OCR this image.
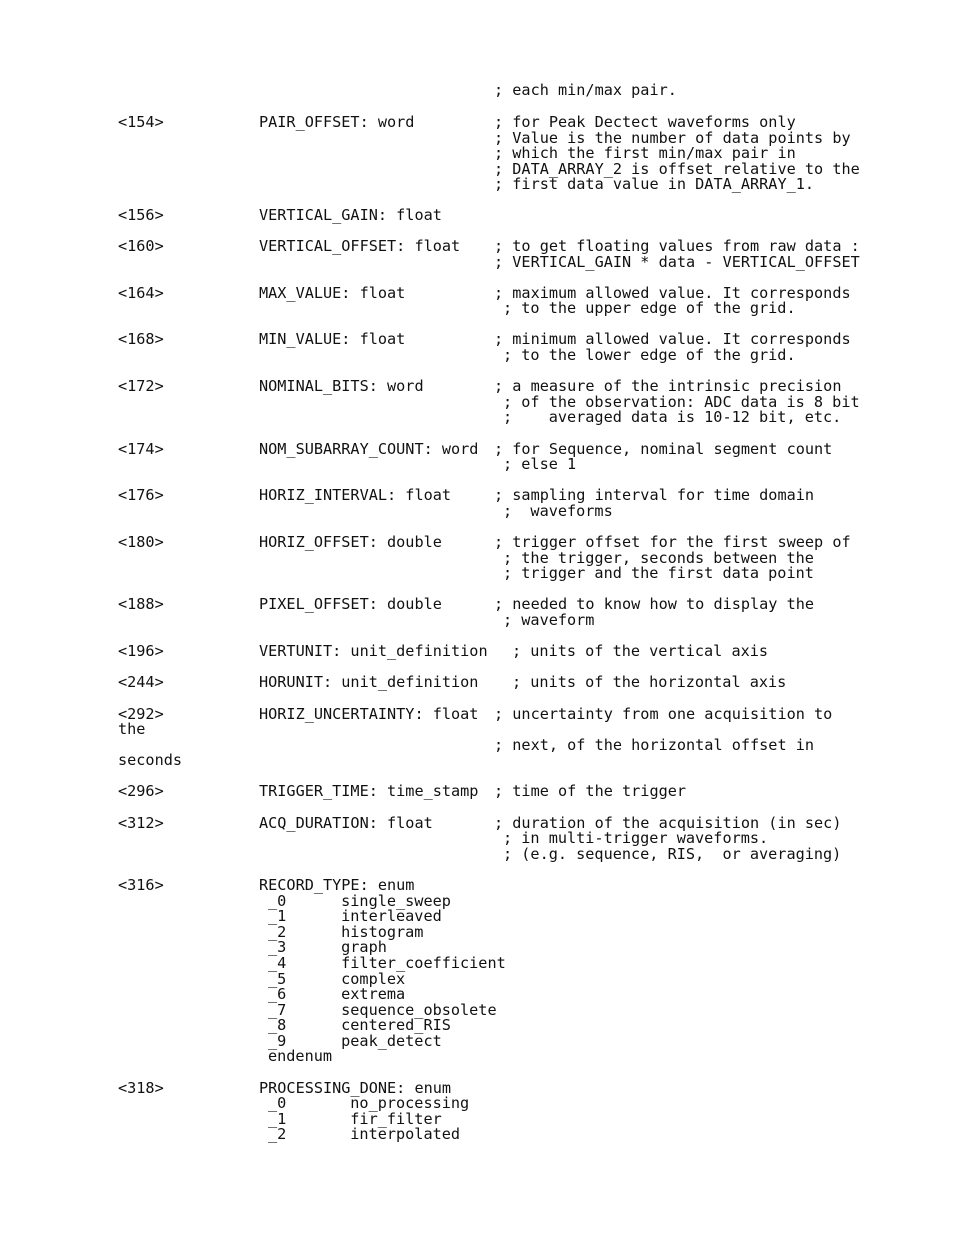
; each min/max pair.
<154>	PAIR_OFFSET: word	; for Peak Dectect waveforms only
; Value is the number of data points by
; which the first min/max pair in
; DATA_ARRAY_2 is offset relative to the
; first data value in DATA_ARRAY_1.
<156>	VERTICAL_GAIN: float
<160>	VERTICAL_OFFSET: float ; to get floating values from raw data :
; VERTICAL_GAIN * data - VERTICAL_OFFSET
<164>	MAX_VALUE: float	; maximum allowed value. It corresponds
; to the upper edge of the grid.
<168>	MIN_VALUE: float	; minimum allowed value. It corresponds
; to the lower edge of the grid.
<172>	NOMINAL_BITS: word	; a measure of the intrinsic precision
; of the observation: ADC data is 8 bit
;    averaged data is 10-12 bit, etc.
<174>	NOM_SUBARRAY_COUNT: word ; for Sequence, nominal segment count
; else 1
<176>	HORIZ_INTERVAL: float	; sampling interval for time domain
;  waveforms
<180>	HORIZ_OFFSET: double	; trigger offset for the first sweep of
; the trigger, seconds between the
; trigger and the first data point
<188>	PIXEL_OFFSET: double	; needed to know how to display the
; waveform
<196>	VERTUNIT: unit_definition ; units of the vertical axis
<244>	HORUNIT: unit_definition ; units of the horizontal axis
<292>	HORIZ_UNCERTAINTY: float ; uncertainty from one acquisition to
the
; next, of the horizontal offset in
seconds
<296>	TRIGGER_TIME: time_stamp ; time of the trigger
<312>	ACQ_DURATION: float	; duration of the acquisition (in sec)
; in multi-trigger waveforms.
; (e.g. sequence, RIS,  or averaging)
<316>	RECORD_TYPE: enum
_0      single_sweep
_1      interleaved
_2      histogram
_3      graph
_4      filter_coefficient
_5      complex
_6      extrema
_7      sequence_obsolete
_8      centered_RIS
_9      peak_detect
endenum
<318>	PROCESSING_DONE: enum
_0       no_processing
_1       fir_filter
_2       interpolated
